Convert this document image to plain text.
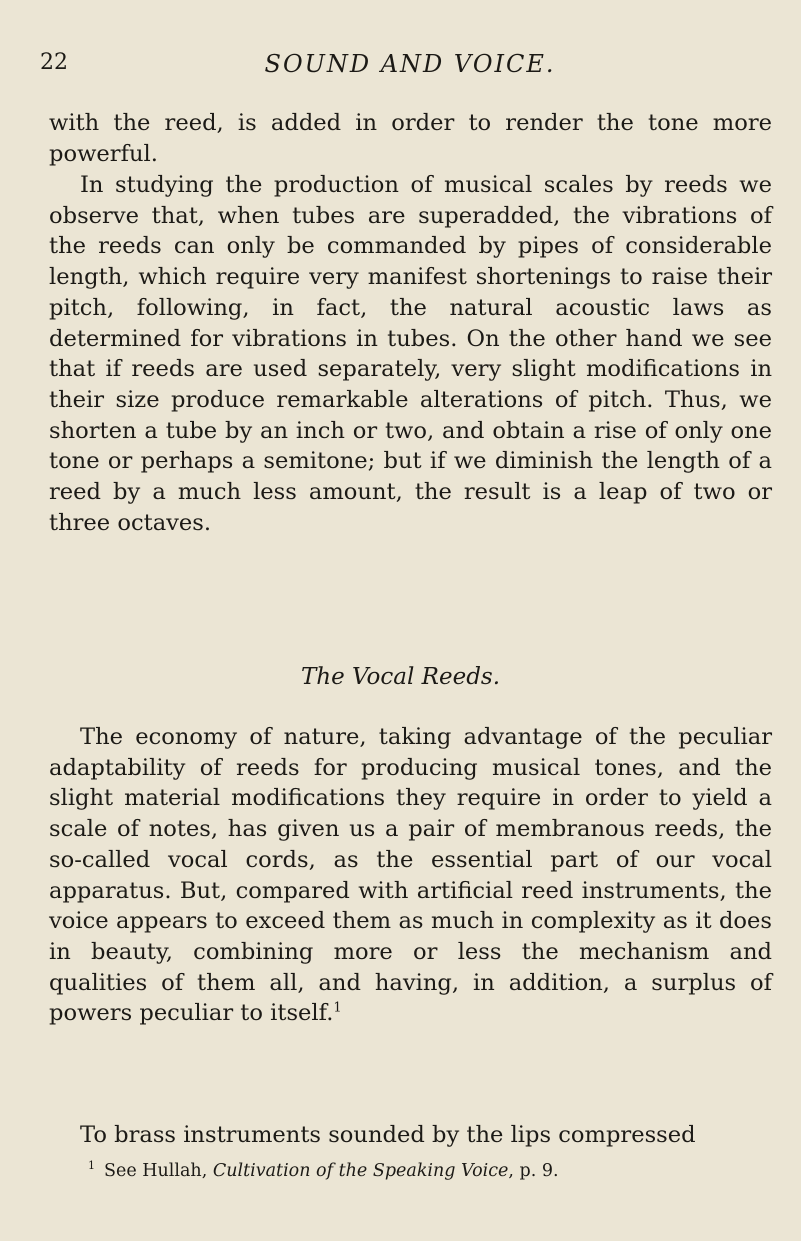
22	SOUND AND VOICE.

with the reed, is added in order to render the tone more powerful.

In studying the production of musical scales by reeds we observe that, when tubes are superadded, the vibrations of the reeds can only be commanded by pipes of considerable length, which require very manifest shortenings to raise their pitch, following, in fact, the natural acoustic laws as determined for vibrations in tubes. On the other hand we see that if reeds are used separately, very slight modifications in their size produce remarkable alterations of pitch. Thus, we shorten a tube by an inch or two, and obtain a rise of only one tone or perhaps a semitone; but if we diminish the length of a reed by a much less amount, the result is a leap of two or three octaves.

The Vocal Reeds.

The economy of nature, taking advantage of the peculiar adaptability of reeds for producing musical tones, and the slight material modifications they require in order to yield a scale of notes, has given us a pair of membranous reeds, the so-called vocal cords, as the essential part of our vocal apparatus. But, compared with artificial reed instruments, the voice appears to exceed them as much in complexity as it does in beauty, combining more or less the mechanism and qualities of them all, and having, in addition, a surplus of powers peculiar to itself.$^1$

To brass instruments sounded by the lips compressed

$^1$ See Hullah, Cultivation of the Speaking Voice, p. 9.
